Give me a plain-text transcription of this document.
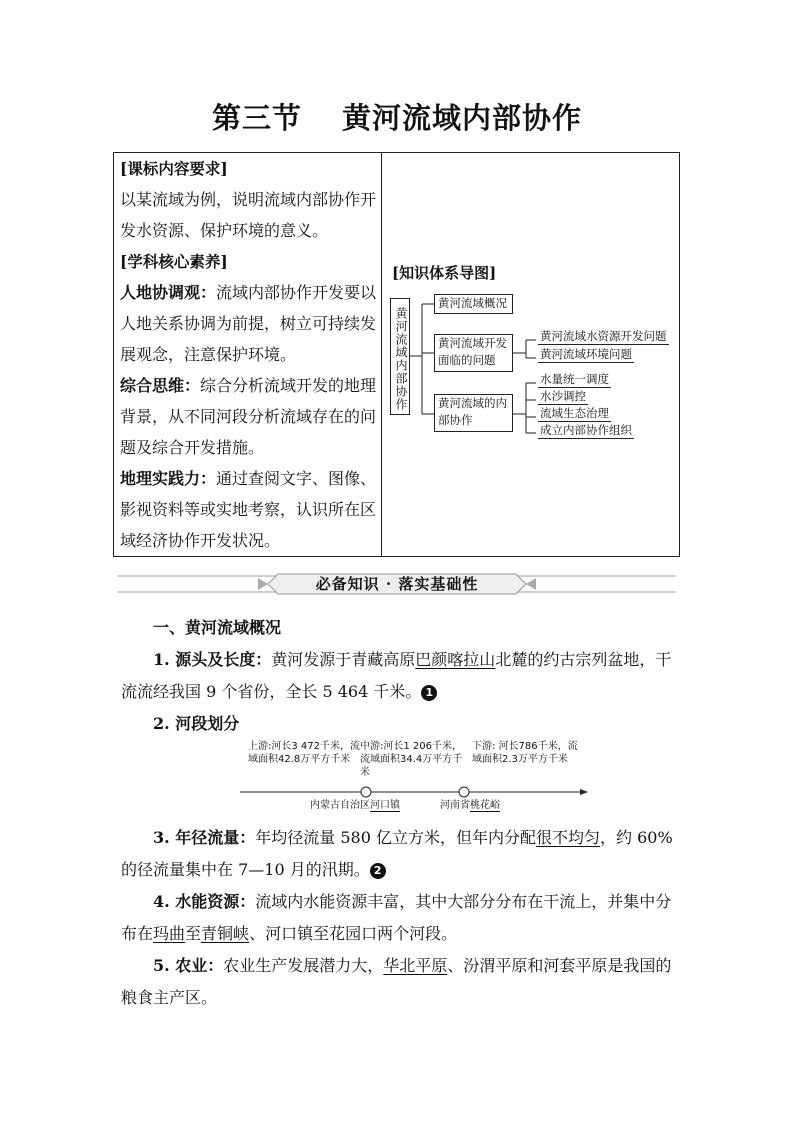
第三节 黄河流域内部协作

[课标内容要求]

以某流域为例，说明流域内部协作开发水资源、保护环境的意义。

[学科核心素养]

人地协调观：流域内部协作开发要以人地关系协调为前提，树立可持续发展观念，注意保护环境。

综合思维：综合分析流域开发的地理背景，从不同河段分析流域存在的问题及综合开发措施。

地理实践力：通过查阅文字、图像、影视资料等或实地考察，认识所在区域经济协作开发状况。

[知识体系导图]
黄河流域内部协作
黄河流域概况
黄河流域开发面临的问题
黄河流域的内部协作
黄河流域水资源开发问题
黄河流域环境问题
水量统一调度
水沙调控
流域生态治理
成立内部协作组织
必备知识 · 落实基础性

一、黄河流域概况

1. 源头及长度：黄河发源于青藏高原巴颜喀拉山北麓的约古宗列盆地，干流流经我国 9 个省份，全长 5 464 千米。 1

2. 河段划分

上游:河长3 472千米，流域面积42.8万平方千米
中游:河长1 206千米，流域面积34.4万平方千米
下游: 河长786千米，流域面积2.3万平方千米
内蒙古自治区河口镇	河南省桃花峪

3. 年径流量：年均径流量 580 亿立方米，但年内分配很不均匀，约 60%的径流量集中在 7—10 月的汛期。 2

4. 水能资源：流域内水能资源丰富，其中大部分分布在干流上，并集中分布在玛曲至青铜峡、河口镇至花园口两个河段。

5. 农业：农业生产发展潜力大，华北平原、汾渭平原和河套平原是我国的粮食主产区。
